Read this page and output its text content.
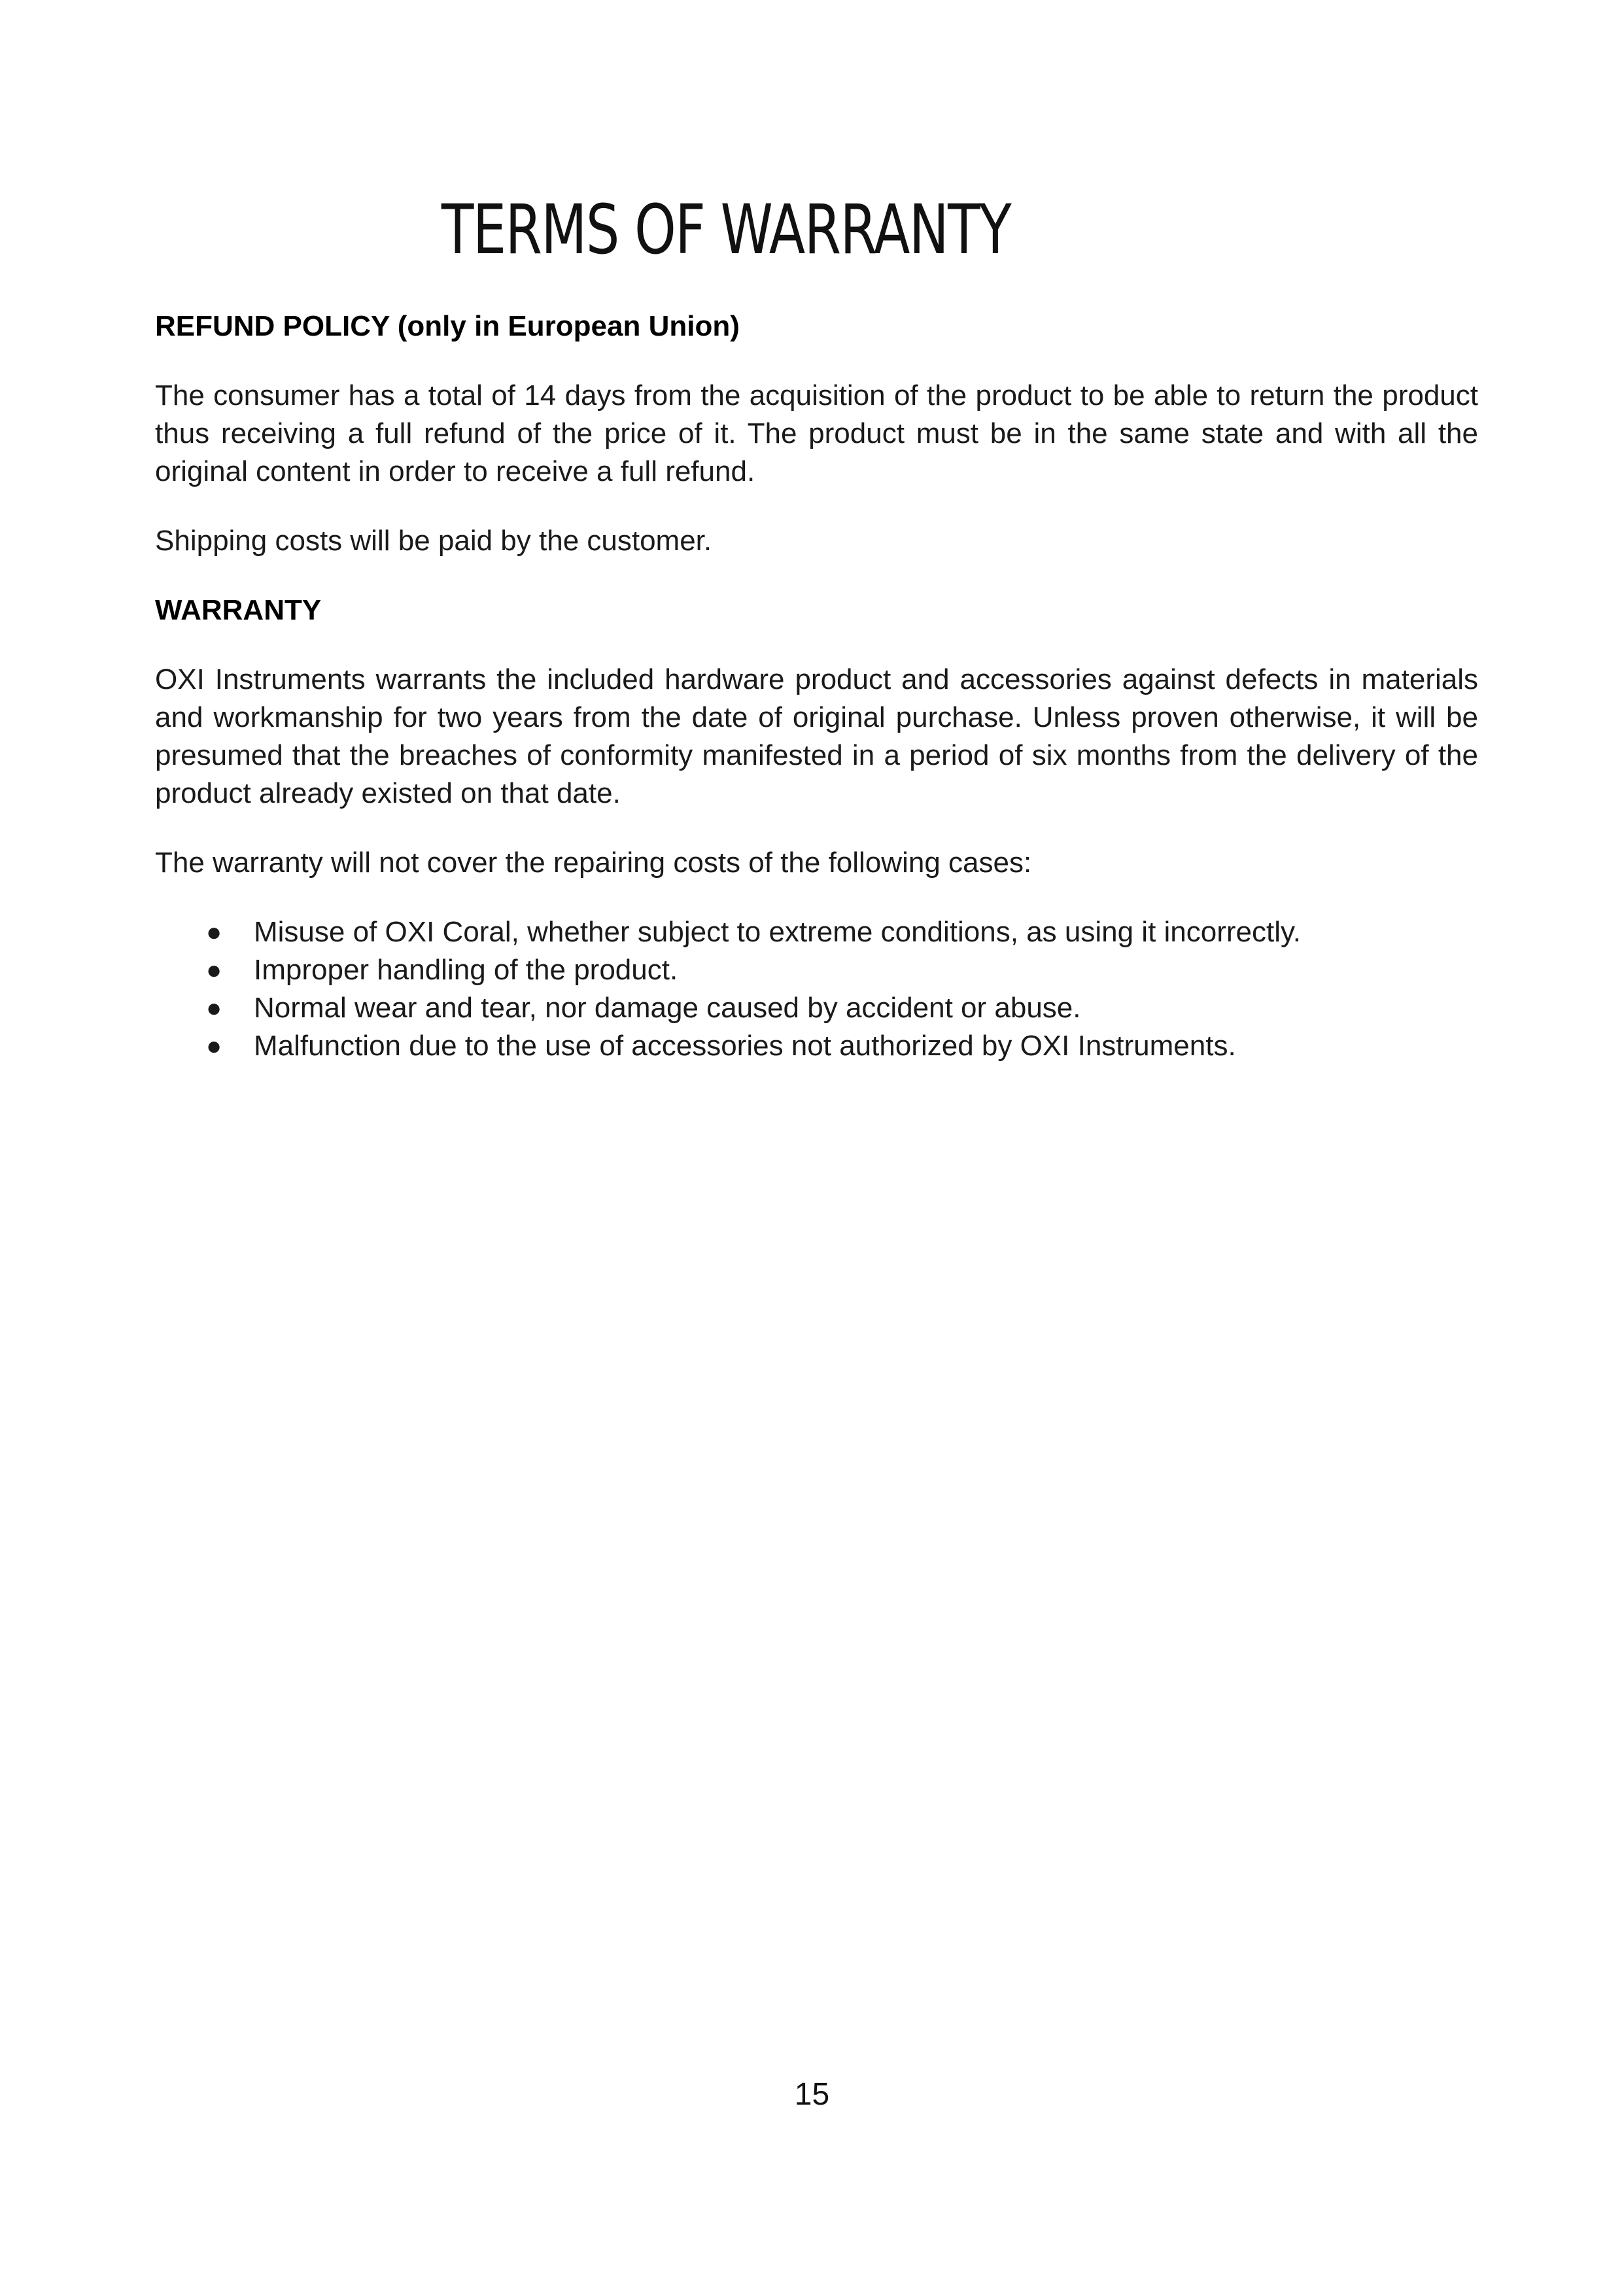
TERMS OF WARRANTY

REFUND POLICY (only in European Union)

The consumer has a total of 14 days from the acquisition of the product to be able to return the product thus receiving a full refund of the price of it. The product must be in the same state and with all the original content in order to receive a full refund.

Shipping costs will be paid by the customer.

WARRANTY

OXI Instruments warrants the included hardware product and accessories against defects in materials and workmanship for two years from the date of original purchase. Unless proven otherwise, it will be presumed that the breaches of conformity manifested in a period of six months from the delivery of the product already existed on that date.

The warranty will not cover the repairing costs of the following cases:

● Misuse of OXI Coral, whether subject to extreme conditions, as using it incorrectly.
● Improper handling of the product.
● Normal wear and tear, nor damage caused by accident or abuse.
● Malfunction due to the use of accessories not authorized by OXI Instruments.
15
